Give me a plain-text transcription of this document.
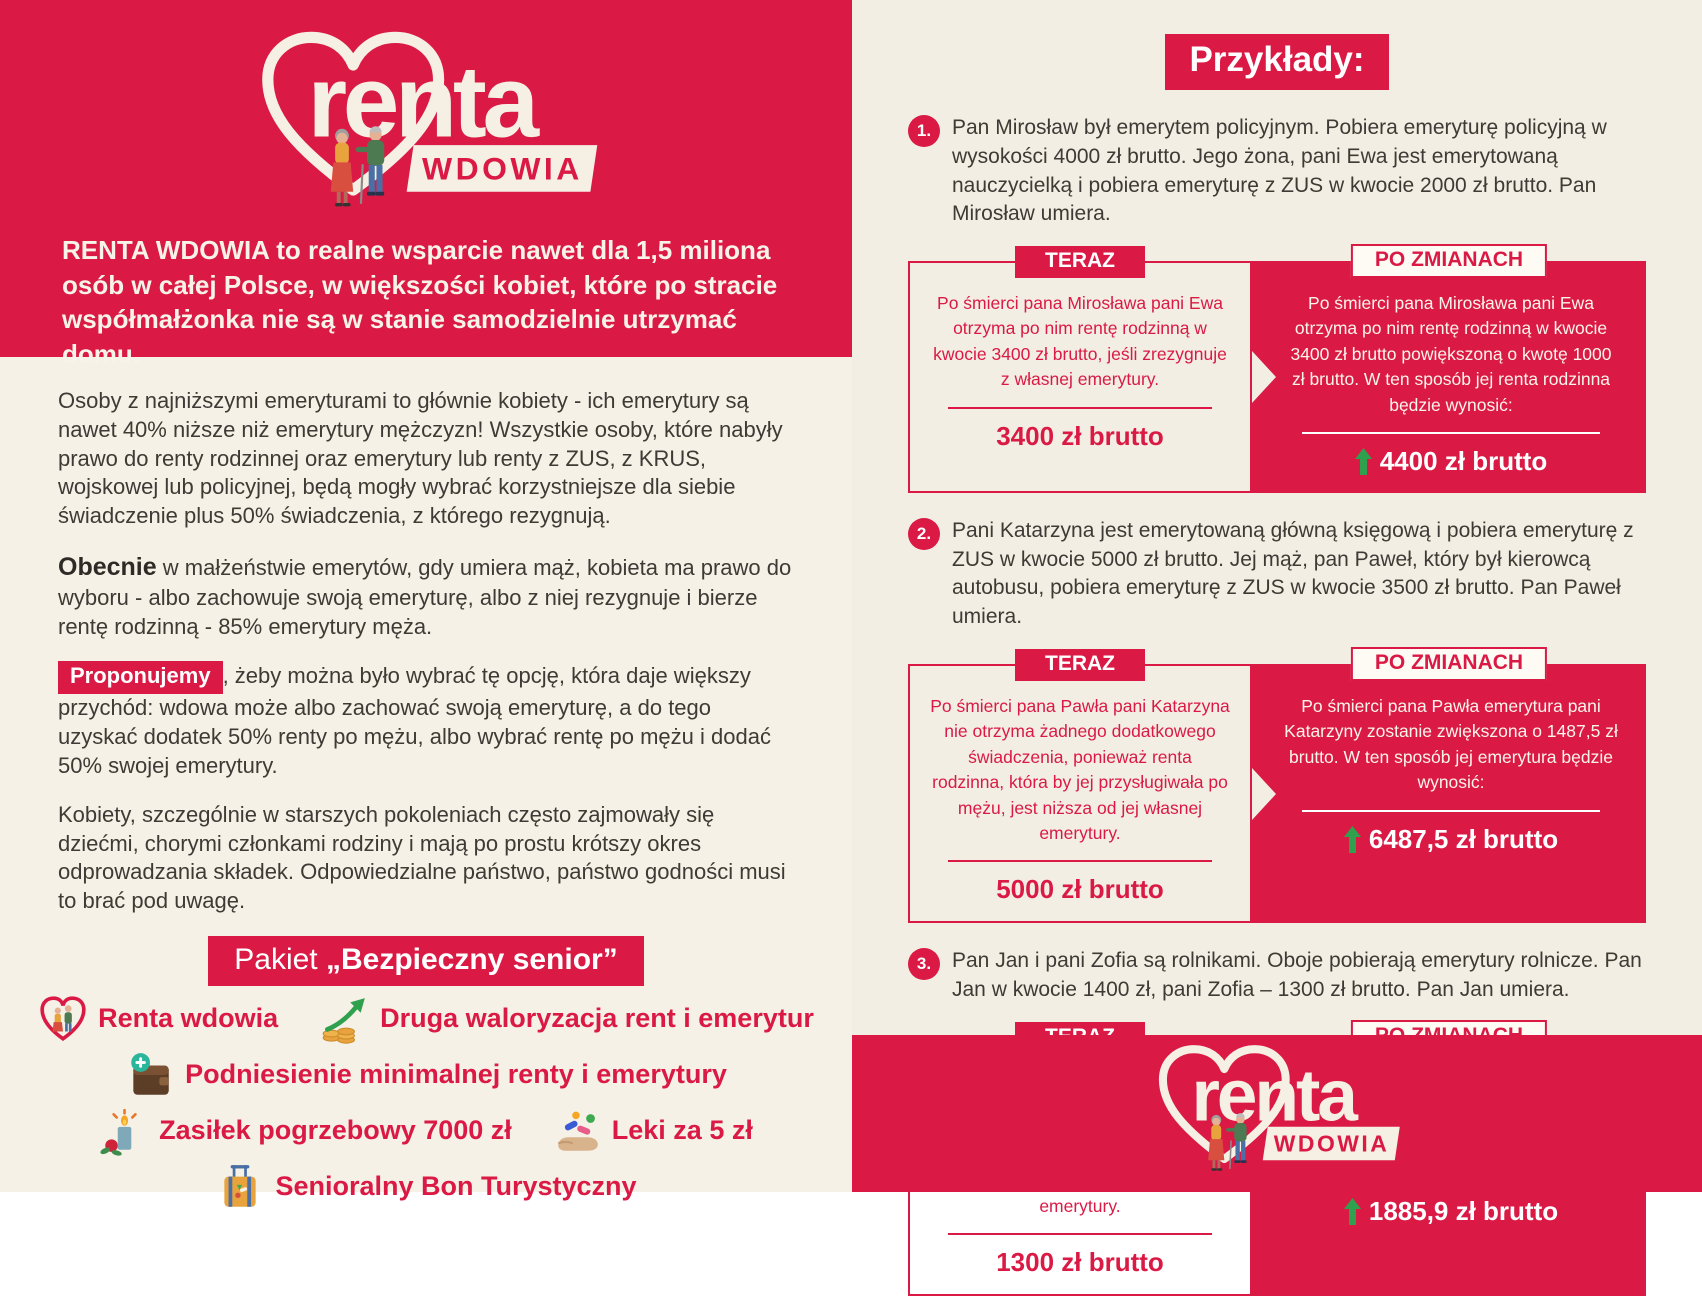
RENTA WDOWIA to realne wsparcie nawet dla 1,5 miliona osób w całej Polsce, w większości kobiet, które po stracie współmałżonka nie są w stanie samodzielnie utrzymać domu.

Osoby z najniższymi emeryturami to głównie kobiety - ich emerytury są nawet 40% niższe niż emerytury mężczyzn! Wszystkie osoby, które nabyły prawo do renty rodzinnej oraz emerytury lub renty z ZUS, z KRUS, wojskowej lub policyjnej, będą mogły wybrać korzystniejsze dla siebie świadczenie plus 50% świadczenia, z którego rezygnują.

Obecnie w małżeństwie emerytów, gdy umiera mąż, kobieta ma prawo do wyboru - albo zachowuje swoją emeryturę, albo z niej rezygnuje i bierze rentę rodzinną - 85% emerytury męża.

Proponujemy , żeby można było wybrać tę opcję, która daje większy przychód: wdowa może albo zachować swoją emeryturę, a do tego uzyskać dodatek 50% renty po mężu, albo wybrać rentę po mężu i dodać 50% swojej emerytury.

Kobiety, szczególnie w starszych pokoleniach często zajmowały się dziećmi, chorymi członkami rodziny i mają po prostu krótszy okres odprowadzania składek. Odpowiedzialne państwo, państwo godności musi to brać pod uwagę.

Pakiet „Bezpieczny senior”
Renta wdowia	Druga waloryzacja rent i emerytur
Podniesienie minimalnej renty i emerytury
Zasiłek pogrzebowy 7000 zł	Leki za 5 zł
Senioralny Bon Turystyczny
Przykłady:
1. Pan Mirosław był emerytem policyjnym. Pobiera emeryturę policyjną w wysokości 4000 zł brutto. Jego żona, pani Ewa jest emerytowaną nauczycielką i pobiera emeryturę z ZUS w kwocie 2000 zł brutto. Pan Mirosław umiera.

TERAZ

Po śmierci pana Mirosława pani Ewa otrzyma po nim rentę rodzinną w kwocie 3400 zł brutto, jeśli zrezygnuje z własnej emerytury.

3400 zł brutto
PO ZMIANACH

Po śmierci pana Mirosława pani Ewa otrzyma po nim rentę rodzinną w kwocie 3400 zł brutto powiększoną o kwotę 1000 zł brutto. W ten sposób jej renta rodzinna będzie wynosić:

4400 zł brutto
2. Pani Katarzyna jest emerytowaną główną księgową i pobiera emeryturę z ZUS w kwocie 5000 zł brutto. Jej mąż, pan Paweł, który był kierowcą autobusu, pobiera emeryturę z ZUS w kwocie 3500 zł brutto. Pan Paweł umiera.

TERAZ

Po śmierci pana Pawła pani Katarzyna nie otrzyma żadnego dodatkowego świadczenia, ponieważ renta rodzinna, która by jej przysługiwała po mężu, jest niższa od jej własnej emerytury.

5000 zł brutto
PO ZMIANACH

Po śmierci pana Pawła emerytura pani Katarzyny zostanie zwiększona o 1487,5 zł brutto. W ten sposób jej emerytura będzie wynosić:

6487,5 zł brutto
3. Pan Jan i pani Zofia są rolnikami. Oboje pobierają emerytury rolnicze. Pan Jan w kwocie 1400 zł, pani Zofia – 1300 zł brutto. Pan Jan umiera.

emerytury.

1300 zł brutto

1885,9 zł brutto
